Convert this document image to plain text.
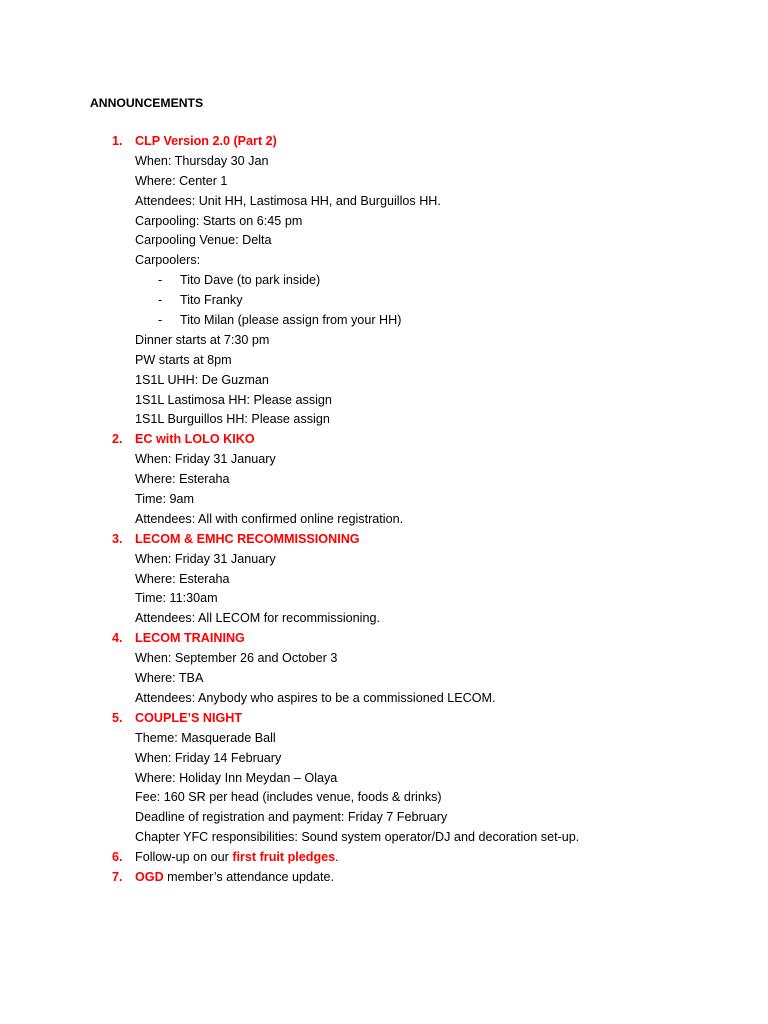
ANNOUNCEMENTS
1. CLP Version 2.0 (Part 2)
When: Thursday 30 Jan
Where: Center 1
Attendees: Unit HH, Lastimosa HH, and Burguillos HH.
Carpooling: Starts on 6:45 pm
Carpooling Venue: Delta
Carpoolers:
- Tito Dave (to park inside)
- Tito Franky
- Tito Milan (please assign from your HH)
Dinner starts at 7:30 pm
PW starts at 8pm
1S1L UHH: De Guzman
1S1L Lastimosa HH: Please assign
1S1L Burguillos HH: Please assign
2. EC with LOLO KIKO
When: Friday 31 January
Where: Esteraha
Time: 9am
Attendees: All with confirmed online registration.
3. LECOM & EMHC RECOMMISSIONING
When: Friday 31 January
Where: Esteraha
Time: 11:30am
Attendees: All LECOM for recommissioning.
4. LECOM TRAINING
When: September 26 and October 3
Where: TBA
Attendees: Anybody who aspires to be a commissioned LECOM.
5. COUPLE’S NIGHT
Theme: Masquerade Ball
When: Friday 14 February
Where: Holiday Inn Meydan – Olaya
Fee: 160 SR per head (includes venue, foods & drinks)
Deadline of registration and payment: Friday 7 February
Chapter YFC responsibilities: Sound system operator/DJ and decoration set-up.
6. Follow-up on our first fruit pledges.
7. OGD member’s attendance update.
